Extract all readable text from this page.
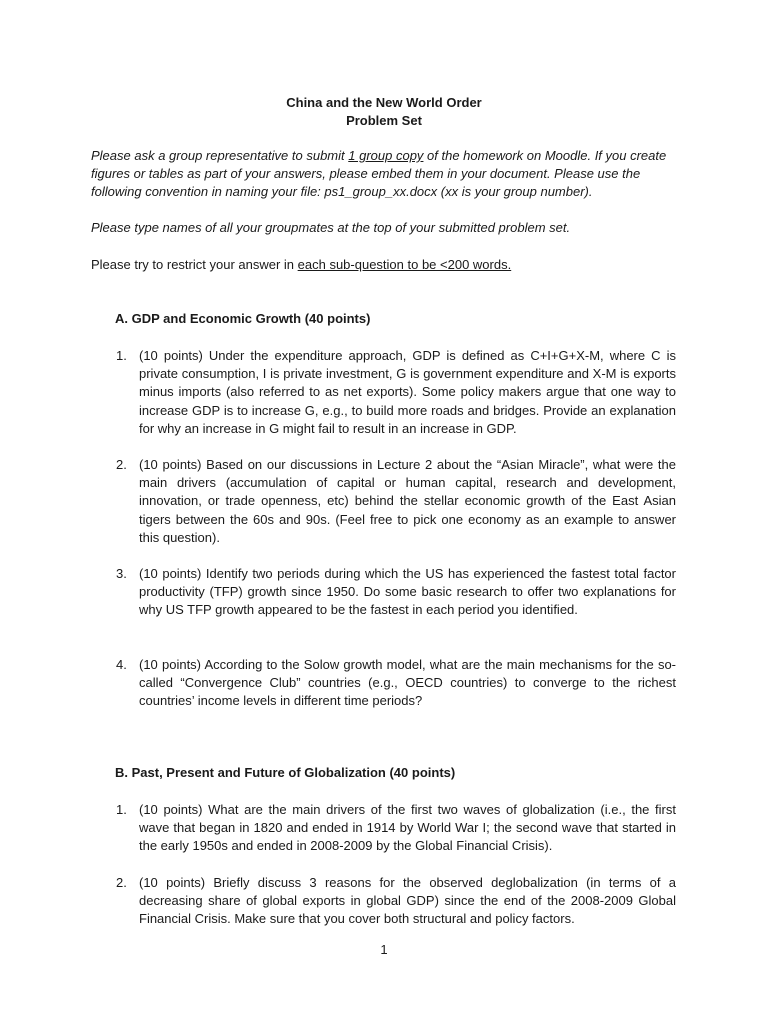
China and the New World Order
Problem Set
Please ask a group representative to submit 1 group copy of the homework on Moodle. If you create figures or tables as part of your answers, please embed them in your document. Please use the following convention in naming your file: ps1_group_xx.docx (xx is your group number).
Please type names of all your groupmates at the top of your submitted problem set.
Please try to restrict your answer in each sub-question to be <200 words.
A. GDP and Economic Growth (40 points)
1. (10 points) Under the expenditure approach, GDP is defined as C+I+G+X-M, where C is private consumption, I is private investment, G is government expenditure and X-M is exports minus imports (also referred to as net exports). Some policy makers argue that one way to increase GDP is to increase G, e.g., to build more roads and bridges. Provide an explanation for why an increase in G might fail to result in an increase in GDP.
2. (10 points) Based on our discussions in Lecture 2 about the “Asian Miracle”, what were the main drivers (accumulation of capital or human capital, research and development, innovation, or trade openness, etc) behind the stellar economic growth of the East Asian tigers between the 60s and 90s. (Feel free to pick one economy as an example to answer this question).
3. (10 points) Identify two periods during which the US has experienced the fastest total factor productivity (TFP) growth since 1950. Do some basic research to offer two explanations for why US TFP growth appeared to be the fastest in each period you identified.
4. (10 points) According to the Solow growth model, what are the main mechanisms for the so-called “Convergence Club” countries (e.g., OECD countries) to converge to the richest countries’ income levels in different time periods?
B. Past, Present and Future of Globalization (40 points)
1. (10 points) What are the main drivers of the first two waves of globalization (i.e., the first wave that began in 1820 and ended in 1914 by World War I; the second wave that started in the early 1950s and ended in 2008-2009 by the Global Financial Crisis).
2. (10 points) Briefly discuss 3 reasons for the observed deglobalization (in terms of a decreasing share of global exports in global GDP) since the end of the 2008-2009 Global Financial Crisis. Make sure that you cover both structural and policy factors.
1
